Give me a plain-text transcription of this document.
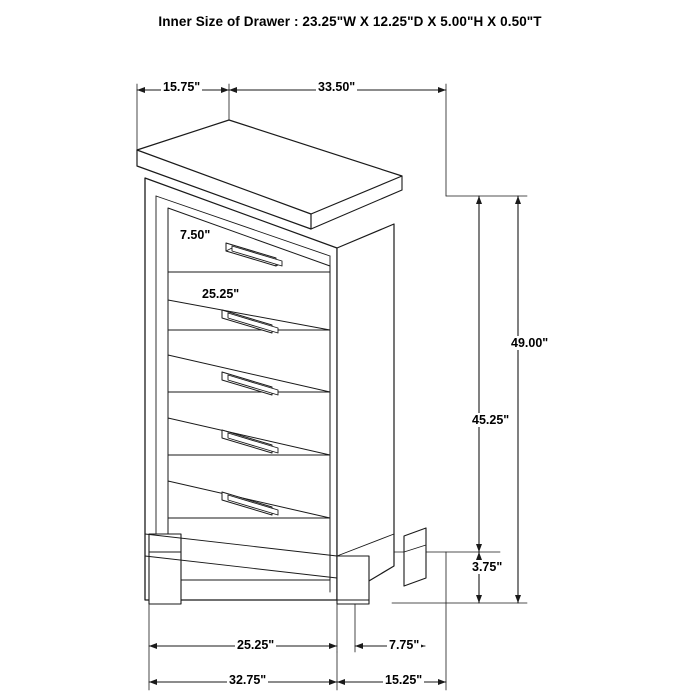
Inner Size of Drawer : 23.25"W X 12.25"D X 5.00"H X 0.50"T
15.75"	33.50"
7.50"
25.25"
49.00"
45.25"
3.75"
25.25"	7.75"
32.75"	15.25"
